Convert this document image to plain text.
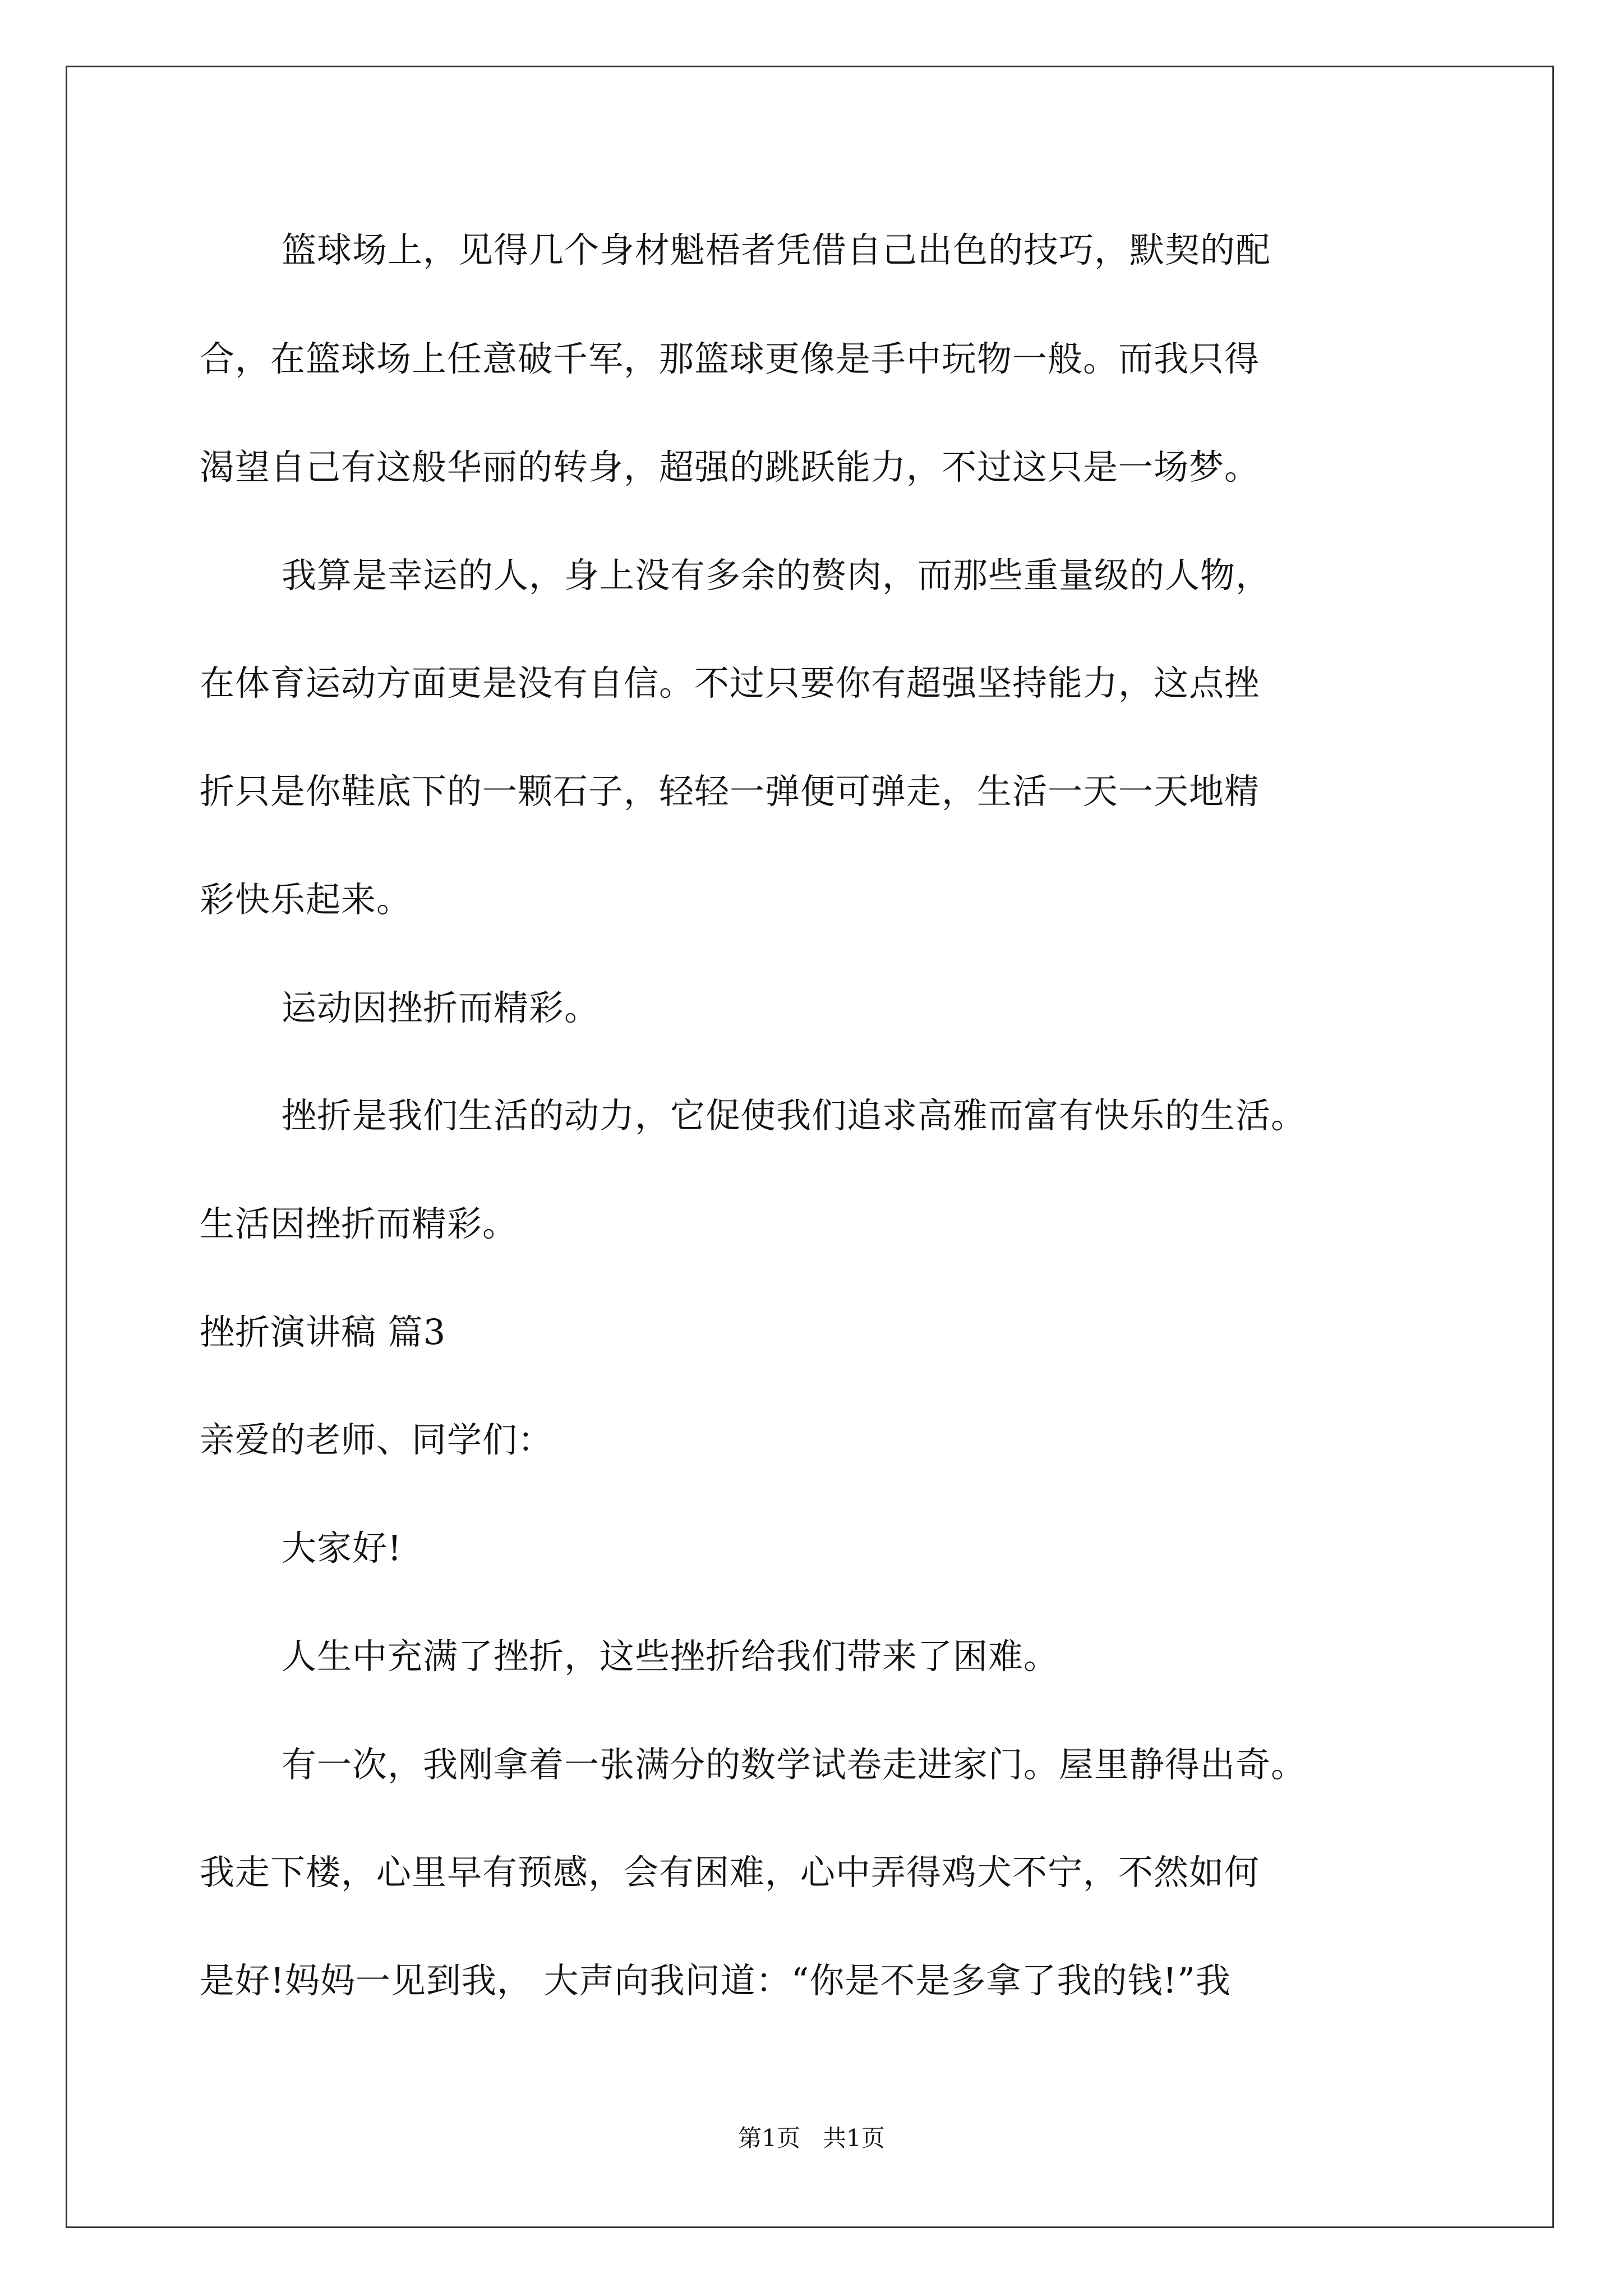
篮球场上，见得几个身材魁梧者凭借自己出色的技巧，默契的配
合，在篮球场上任意破千军，那篮球更像是手中玩物一般。而我只得
渴望自己有这般华丽的转身，超强的跳跃能力，不过这只是一场梦。
我算是幸运的人，身上没有多余的赘肉，而那些重量级的人物，
在体育运动方面更是没有自信。不过只要你有超强坚持能力，这点挫
折只是你鞋底下的一颗石子，轻轻一弹便可弹走，生活一天一天地精
彩快乐起来。
运动因挫折而精彩。
挫折是我们生活的动力，它促使我们追求高雅而富有快乐的生活。
生活因挫折而精彩。
挫折演讲稿 篇3
亲爱的老师、同学们：
大家好!
人生中充满了挫折，这些挫折给我们带来了困难。
有一次，我刚拿着一张满分的数学试卷走进家门。屋里静得出奇。
我走下楼，心里早有预感，会有困难，心中弄得鸡犬不宁，不然如何
是好!妈妈一见到我， 大声向我问道：“你是不是多拿了我的钱!”我
第1页   共1页
